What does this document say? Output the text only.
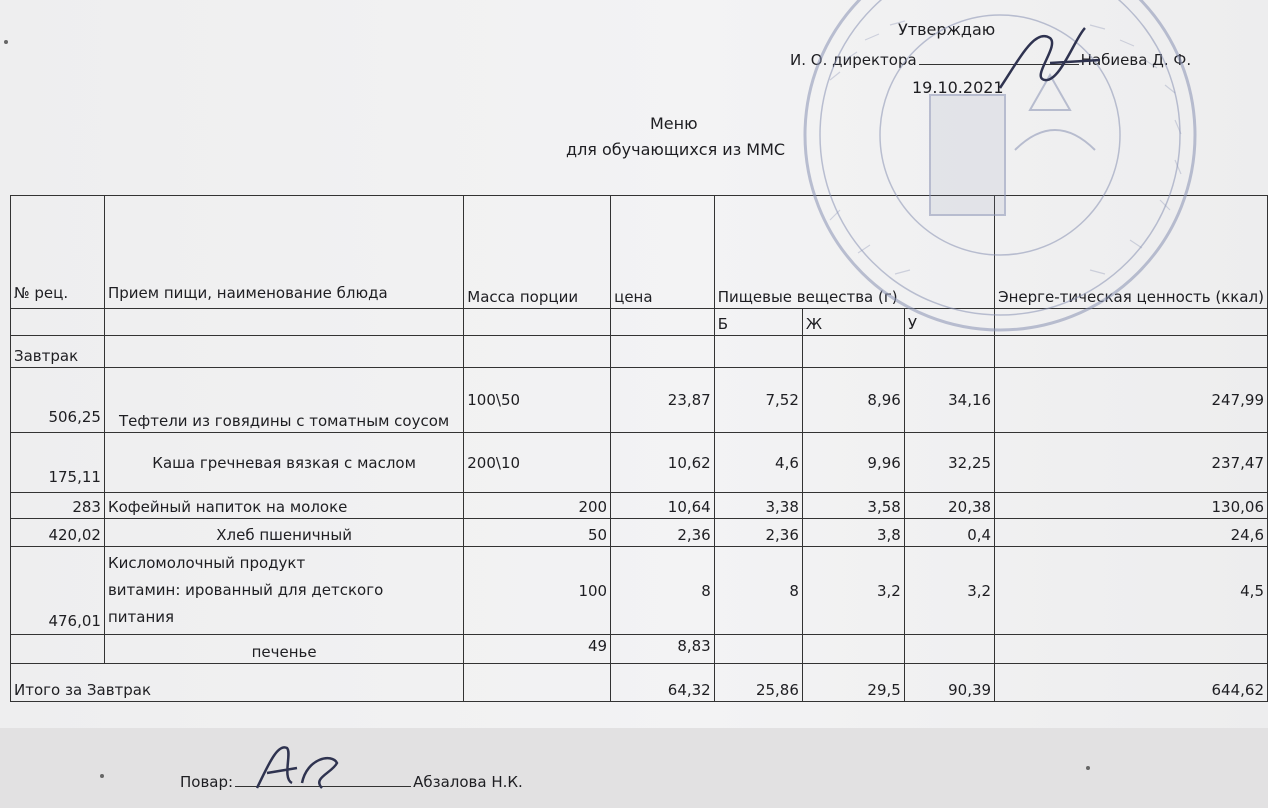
Утверждаю
И. О. директора	Набиева Д. Ф.
19.10.2021
Меню
для обучающихся из ММС
№ рец.	Прием пищи, наименование блюда	Масса порции	цена	Пищевые вещества (г)			Энерге-тическая ценность (ккал)
				Б	Ж	У	
Завтрак							
506,25	Тефтели из говядины с томатным соусом	100\50	23,87	7,52	8,96	34,16	247,99
175,11	Каша гречневая вязкая с маслом	200\10	10,62	4,6	9,96	32,25	237,47
283	Кофейный напиток на молоке	200	10,64	3,38	3,58	20,38	130,06
420,02	Хлеб пшеничный	50	2,36	2,36	3,8	0,4	24,6
476,01	Кисломолочный продукт
витамин: ированный для детского
питания	100	8	8	3,2	3,2	4,5
	печенье	49	8,83				
Итого за Завтрак			64,32	25,86	29,5	90,39	644,62
Повар:	Абзалова Н.К.
